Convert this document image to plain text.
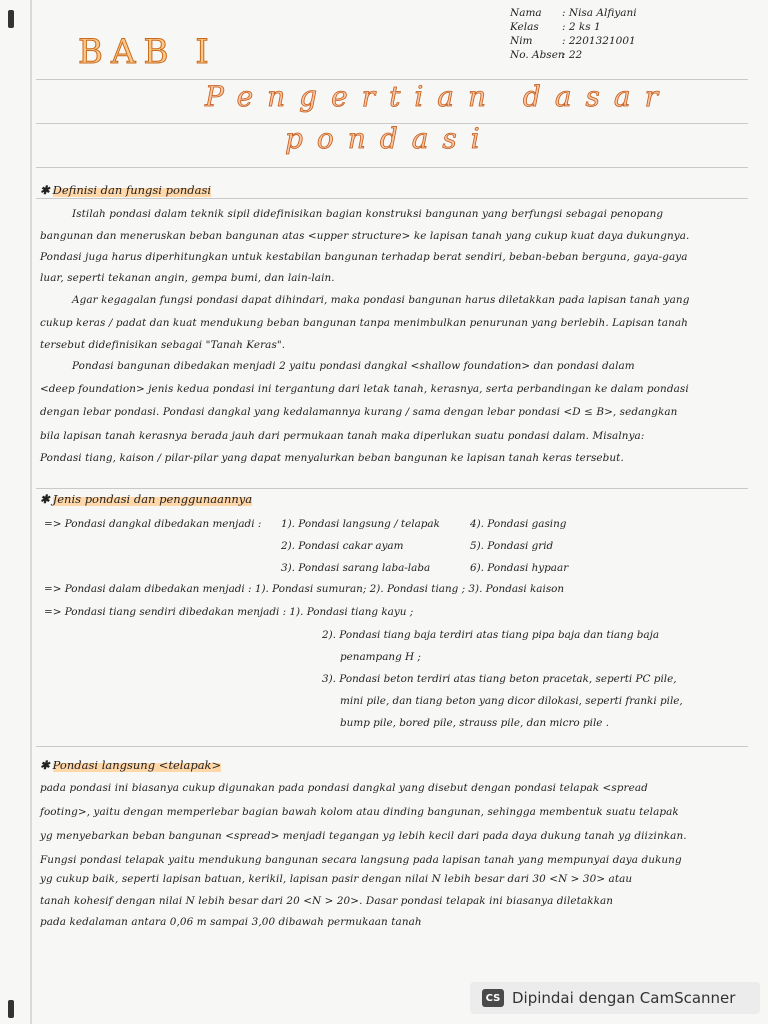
Nama : Nisa Alfiyani
Kelas : 2 ks 1
Nim	: 2201321001
No. Absen: 22
BAB I
Pengertian dasar
pondasi
✱ Definisi dan fungsi pondasi
Istilah pondasi dalam teknik sipil didefinisikan bagian konstruksi bangunan yang berfungsi sebagai penopang
bangunan dan meneruskan beban bangunan atas <upper structure> ke lapisan tanah yang cukup kuat daya dukungnya.
Pondasi juga harus diperhitungkan untuk kestabilan bangunan terhadap berat sendiri, beban-beban berguna, gaya-gaya
luar, seperti tekanan angin, gempa bumi, dan lain-lain.
Agar kegagalan fungsi pondasi dapat dihindari, maka pondasi bangunan harus diletakkan pada lapisan tanah yang
cukup keras / padat dan kuat mendukung beban bangunan tanpa menimbulkan penurunan yang berlebih. Lapisan tanah
tersebut didefinisikan sebagai "Tanah Keras".
Pondasi bangunan dibedakan menjadi 2 yaitu pondasi dangkal <shallow foundation> dan pondasi dalam
<deep foundation> jenis kedua pondasi ini tergantung dari letak tanah, kerasnya, serta perbandingan ke dalam pondasi
dengan lebar pondasi. Pondasi dangkal yang kedalamannya kurang / sama dengan lebar pondasi <D ≤ B>, sedangkan
bila lapisan tanah kerasnya berada jauh dari permukaan tanah maka diperlukan suatu pondasi dalam. Misalnya:
Pondasi tiang, kaison / pilar-pilar yang dapat menyalurkan beban bangunan ke lapisan tanah keras tersebut.
✱ Jenis pondasi dan penggunaannya
=> Pondasi dangkal dibedakan menjadi : 1). Pondasi langsung / telapak
2). Pondasi cakar ayam
3). Pondasi sarang laba-laba
4). Pondasi gasing
5). Pondasi grid
6). Pondasi hypaar
=> Pondasi dalam dibedakan menjadi : 1). Pondasi sumuran; 2). Pondasi tiang ; 3). Pondasi kaison
=> Pondasi tiang sendiri dibedakan menjadi : 1). Pondasi tiang kayu ;
2). Pondasi tiang baja terdiri atas tiang pipa baja dan tiang baja
penampang H ;
3). Pondasi beton terdiri atas tiang beton pracetak, seperti PC pile,
mini pile, dan tiang beton yang dicor dilokasi, seperti franki pile,
bump pile, bored pile, strauss pile, dan micro pile .
✱ Pondasi langsung <telapak>
pada pondasi ini biasanya cukup digunakan pada pondasi dangkal yang disebut dengan pondasi telapak <spread
footing>, yaitu dengan memperlebar bagian bawah kolom atau dinding bangunan, sehingga membentuk suatu telapak
yg menyebarkan beban bangunan <spread> menjadi tegangan yg lebih kecil dari pada daya dukung tanah yg diizinkan.
Fungsi pondasi telapak yaitu mendukung bangunan secara langsung pada lapisan tanah yang mempunyai daya dukung
yg cukup baik, seperti lapisan batuan, kerikil, lapisan pasir dengan nilai N lebih besar dari 30 <N > 30> atau
tanah kohesif dengan nilai N lebih besar dari 20 <N > 20>. Dasar pondasi telapak ini biasanya diletakkan
pada kedalaman antara 0,06 m sampai 3,00 dibawah permukaan tanah
CS Dipindai dengan CamScanner
